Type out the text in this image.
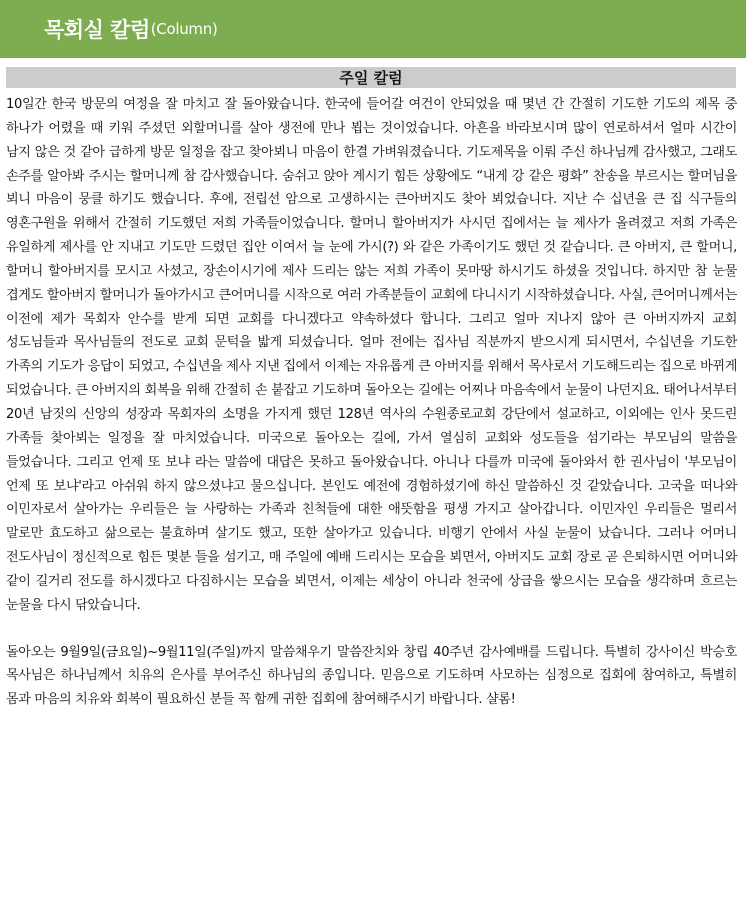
목회실 칼럼 (Column)
주일 칼럼

10일간 한국 방문의 여정을 잘 마치고 잘 돌아왔습니다. 한국에 들어갈 여건이 안되었을 때 몇년 간 간절히 기도한 기도의 제목 중 하나가 어렸을 때 키워 주셨던 외할머니를 살아 생전에 만나 뵙는 것이었습니다. 아흔을 바라보시며 많이 연로하셔서 얼마 시간이 남지 않은 것 같아 급하게 방문 일정을 잡고 찾아뵈니 마음이 한결 가벼워졌습니다. 기도제목을 이뤄 주신 하나님께 감사했고, 그래도 손주를 알아봐 주시는 할머니께 참 감사했습니다. 숨쉬고 앉아 계시기 힘든 상황에도 “내게 강 같은 평화” 찬송을 부르시는 할머님을 뵈니 마음이 뭉클 하기도 했습니다. 후에, 전립선 암으로 고생하시는 큰아버지도 찾아 뵈었습니다. 지난 수 십년을 큰 집 식구들의 영혼구원을 위해서 간절히 기도했던 저희 가족들이었습니다. 할머니 할아버지가 사시던 집에서는 늘 제사가 올려졌고 저희 가족은 유일하게 제사를 안 지내고 기도만 드렸던 집안 이여서 늘 눈에 가시(?) 와 같은 가족이기도 했던 것 같습니다. 큰 아버지, 큰 할머니, 할머니 할아버지를 모시고 사셨고, 장손이시기에 제사 드리는 않는 저희 가족이 못마땅 하시기도 하셨을 것입니다. 하지만 참 눈물 겹게도 할아버지 할머니가 돌아가시고 큰어머니를 시작으로 여러 가족분들이 교회에 다니시기 시작하셨습니다. 사실, 큰어머니께서는 이전에 제가 목회자 안수를 받게 되면 교회를 다니겠다고 약속하셨다 합니다. 그리고 얼마 지나지 않아 큰 아버지까지 교회 성도님들과 목사님들의 전도로 교회 문턱을 밟게 되셨습니다. 얼마 전에는 집사님 직분까지 받으시게 되시면서, 수십년을 기도한 가족의 기도가 응답이 되었고, 수십년을 제사 지낸 집에서 이제는 자유롭게 큰 아버지를 위해서 목사로서 기도해드리는 집으로 바뀌게 되었습니다. 큰 아버지의 회복을 위해 간절히 손 붙잡고 기도하며 돌아오는 길에는 어찌나 마음속에서 눈물이 나던지요. 태어나서부터 20년 남짓의 신앙의 성장과 목회자의 소명을 가지게 했던 128년 역사의 수원종로교회 강단에서 설교하고, 이외에는 인사 못드린 가족들 찾아뵈는 일정을 잘 마치었습니다. 미국으로 돌아오는 길에, 가서 열심히 교회와 성도들을 섬기라는 부모님의 말씀을 들었습니다. 그리고 언제 또 보냐 라는 말씀에 대답은 못하고 돌아왔습니다. 아니나 다를까 미국에 돌아와서 한 권사님이 '부모님이 언제 또 보냐'라고 아쉬워 하지 않으셨냐고 물으십니다. 본인도 예전에 경험하셨기에 하신 말씀하신 것 같았습니다. 고국을 떠나와 이민자로서 살아가는 우리들은 늘 사랑하는 가족과 친척들에 대한 애뜻함을 평생 가지고 살아갑니다. 이민자인 우리들은 멀리서 말로만 효도하고 삶으로는 불효하며 살기도 했고, 또한 살아가고 있습니다. 비행기 안에서 사실 눈물이 났습니다. 그러나 어머니 전도사님이 정신적으로 힘든 몇분 들을 섬기고, 매 주일에 예배 드리시는 모습을 뵈면서, 아버지도 교회 장로 곧 은퇴하시면 어머니와 같이 길거리 전도를 하시겠다고 다짐하시는 모습을 뵈면서, 이제는 세상이 아니라 천국에 상급을 쌓으시는 모습을 생각하며 흐르는 눈물을 다시 닦았습니다.

돌아오는 9월9일(금요일)~9월11일(주일)까지 말씀채우기 말씀잔치와 창립 40주년 감사예배를 드립니다. 특별히 강사이신 박승호 목사님은 하나님께서 치유의 은사를 부어주신 하나님의 종입니다. 믿음으로 기도하며 사모하는 심정으로 집회에 참여하고, 특별히 몸과 마음의 치유와 회복이 필요하신 분들 꼭 함께 귀한 집회에 참여해주시기 바랍니다. 샬롬!
